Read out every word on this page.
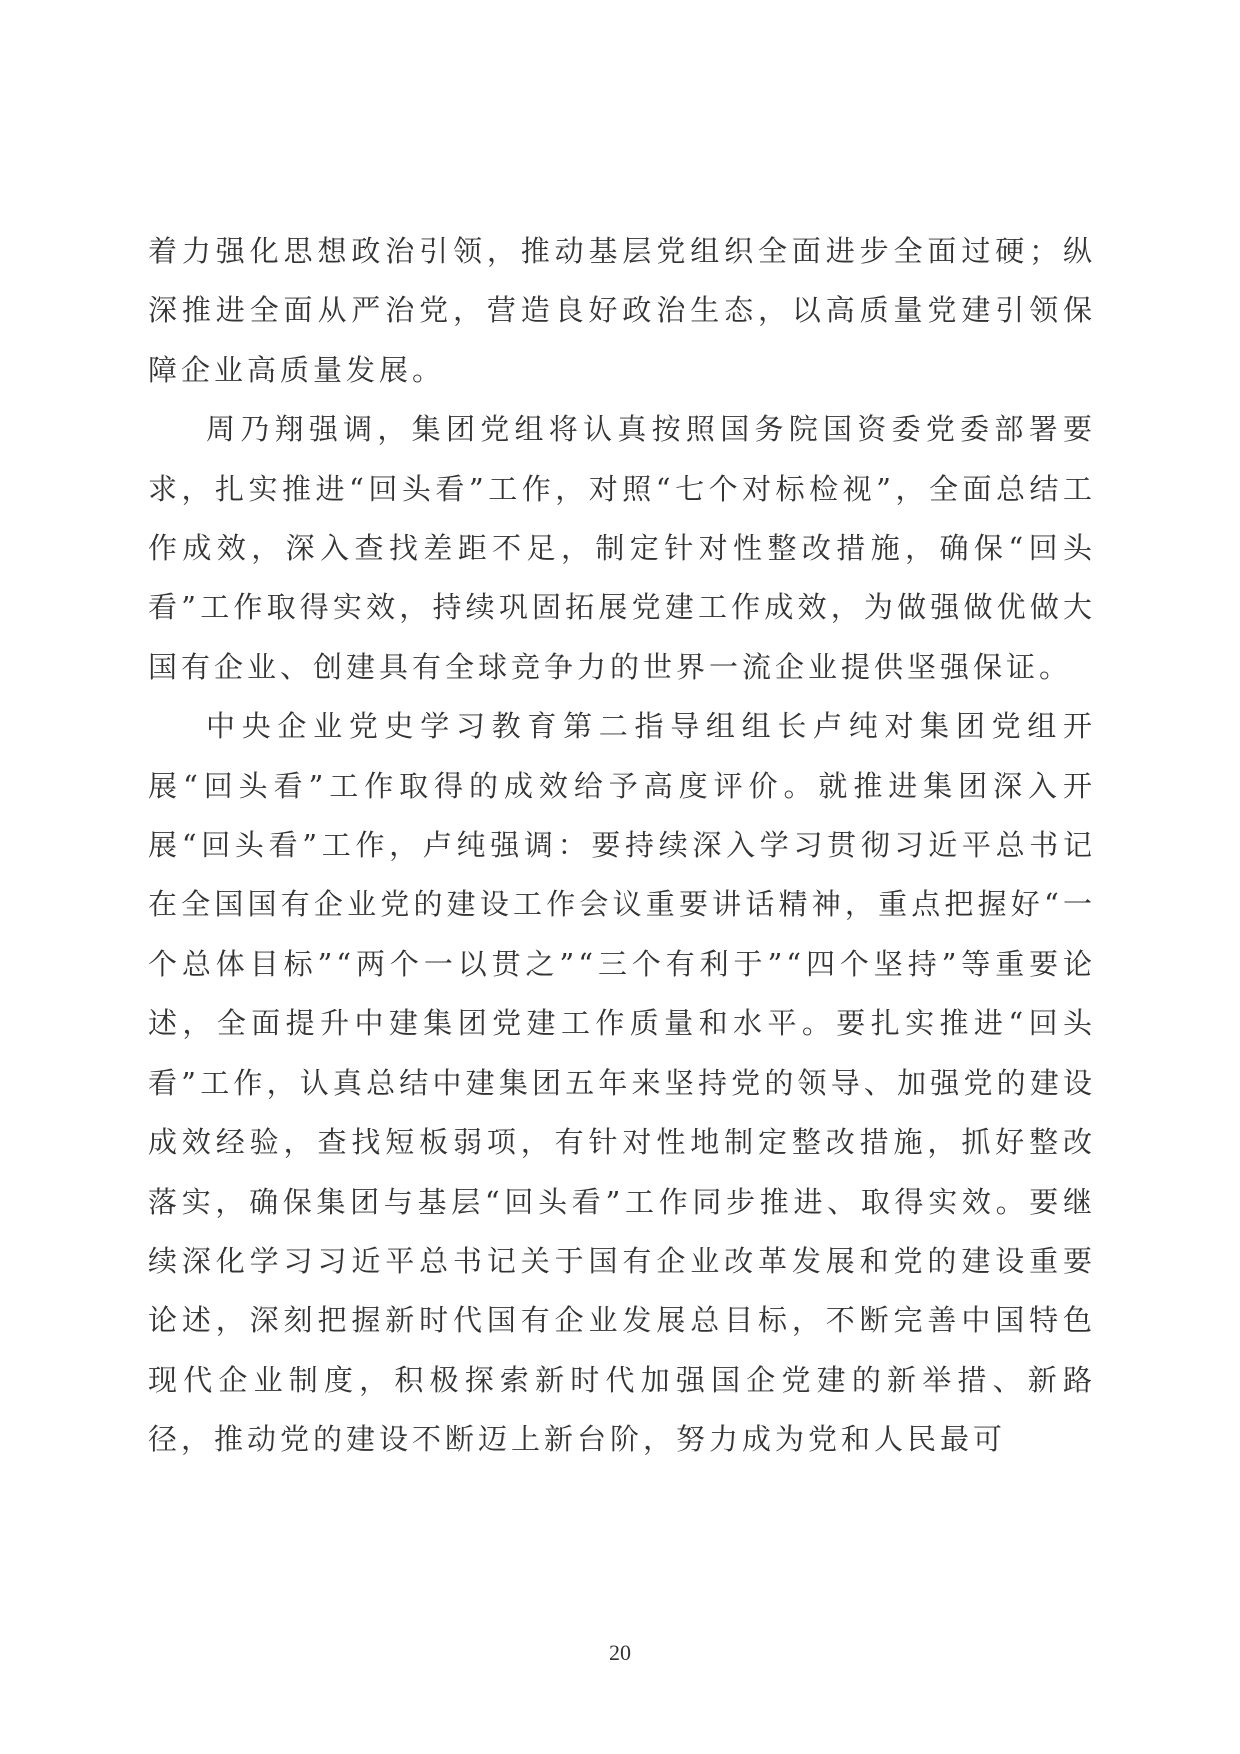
着力强化思想政治引领，推动基层党组织全面进步全面过硬；纵深推进全面从严治党，营造良好政治生态，以高质量党建引领保障企业高质量发展。

周乃翔强调，集团党组将认真按照国务院国资委党委部署要求，扎实推进“回头看”工作，对照“七个对标检视”，全面总结工作成效，深入查找差距不足，制定针对性整改措施，确保“回头看”工作取得实效，持续巩固拓展党建工作成效，为做强做优做大国有企业、创建具有全球竞争力的世界一流企业提供坚强保证。

中央企业党史学习教育第二指导组组长卢纯对集团党组开展“回头看”工作取得的成效给予高度评价。就推进集团深入开展“回头看”工作，卢纯强调：要持续深入学习贯彻习近平总书记在全国国有企业党的建设工作会议重要讲话精神，重点把握好“一个总体目标”“两个一以贯之”“三个有利于”“四个坚持”等重要论述，全面提升中建集团党建工作质量和水平。要扎实推进“回头看”工作，认真总结中建集团五年来坚持党的领导、加强党的建设成效经验，查找短板弱项，有针对性地制定整改措施，抓好整改落实，确保集团与基层“回头看”工作同步推进、取得实效。要继续深化学习习近平总书记关于国有企业改革发展和党的建设重要论述，深刻把握新时代国有企业发展总目标，不断完善中国特色现代企业制度，积极探索新时代加强国企党建的新举措、新路径，推动党的建设不断迈上新台阶，努力成为党和人民最可

20
